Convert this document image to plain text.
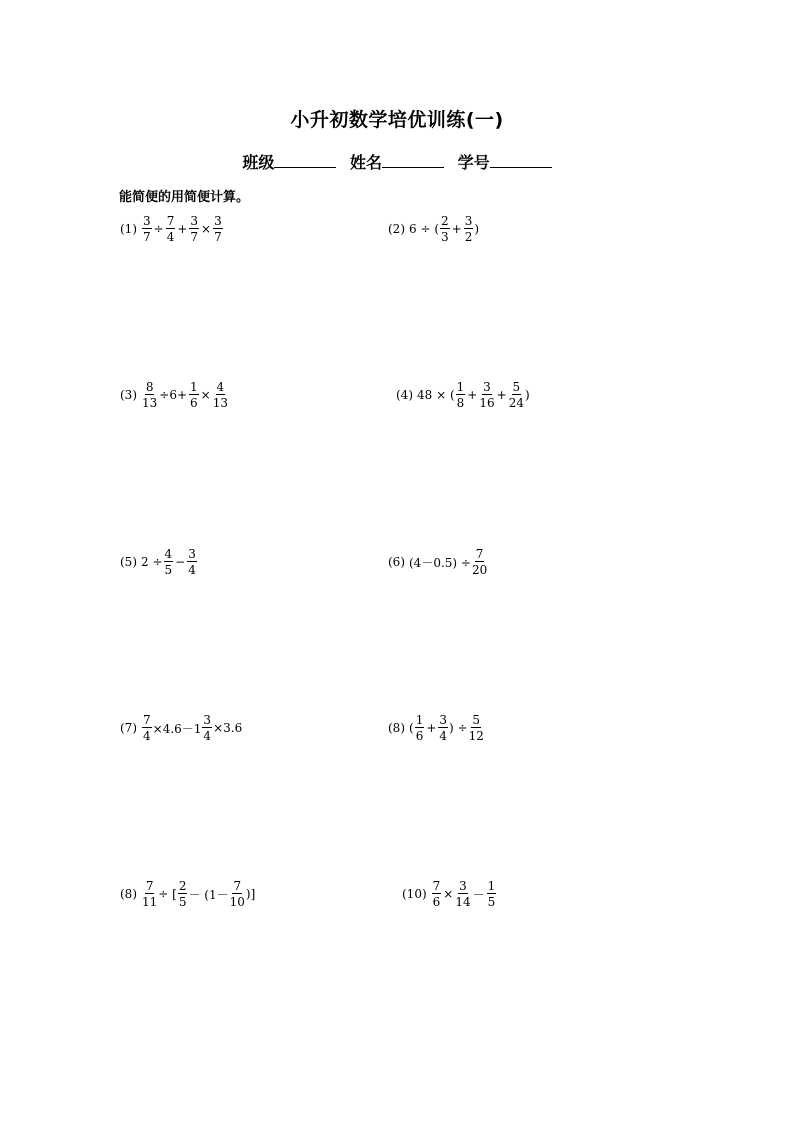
小升初数学培优训练(一)
班级	姓名	学号
能简便的用简便计算。
$(1) \frac{3}{7} \div \frac{7}{4} + \frac{3}{7} \times \frac{3}{7}$	(2) 6 ÷ ( $\frac{2}{3} + \frac{3}{2}$ )
$(3) \frac{8}{13} \div 6+ \frac{1}{6} \times \frac{4}{13}$	(4) 48 × ( $\frac{1}{8} + \frac{3}{16} + \frac{5}{24}$ )
(5) $2 \div \frac{4}{5} - \frac{3}{4}$	(6) $(4-0.5) \div \frac{7}{20}$
$(7) \frac{7}{4} \times 4.6-1 \frac{3}{4} \times 3.6$	(8) ( $\frac{1}{6} + \frac{3}{4}$ ) ÷ $\frac{5}{12}$
$(8) \frac{7}{11}$ ÷ [ $\frac{2}{5} - (1- \frac{7}{10}$ )]	$(10) \frac{7}{6} \times \frac{3}{14} - \frac{1}{5}$
